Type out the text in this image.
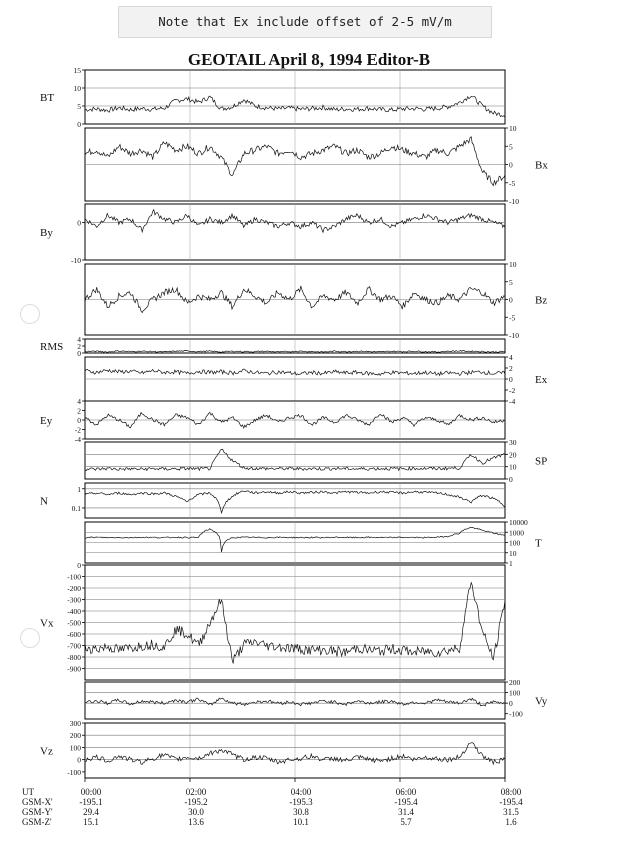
Note that Ex include offset of 2-5 mV/m
GEOTAIL April 8, 1994 Editor-B
15
10
5
0
BT
10
5
0
-5
-10
Bx
0
-10
By
10
5
0
-5
-10
Bz
4
2
0
RMS
4
2
0
-2
-4
Ex
4
2
0
-2
-4
Ey
30
20
10
0
SP
1
0.1
N
10000
1000
100
10
1
T
0
-100
-200
-300
-400
-500
-600
-700
-800
-900
Vx
200
100
0
-100
Vy
300
200
100
0
-100
Vz
UT
GSM-X'
GSM-Y'
GSM-Z'
00:00
-195.1
29.4
15.1
02:00
-195.2
30.0
13.6
04:00
-195.3
30.8
10.1
06:00
-195.4
31.4
5.7
08:00
-195.4
31.5
1.6
